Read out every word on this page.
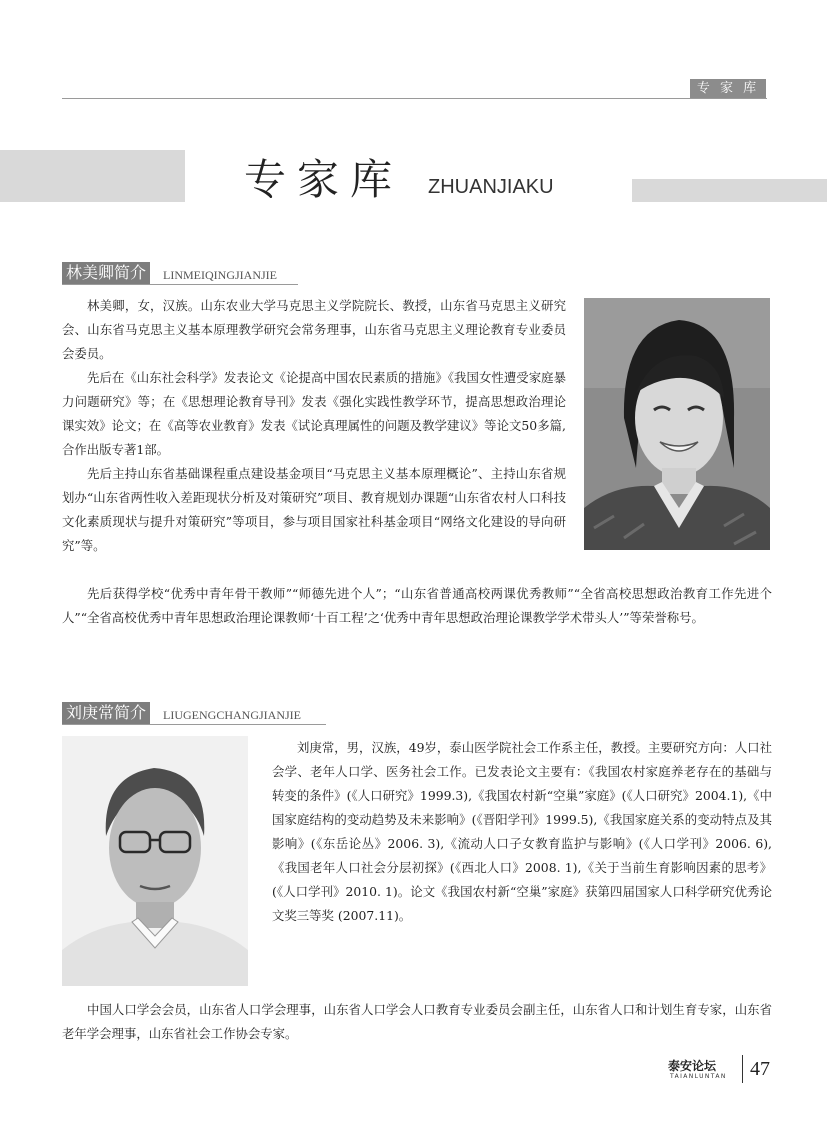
专 家 库
专家库 ZHUANJIAKU
林美卿简介	LINMEIQINGJIANJIE

林美卿，女，汉族。山东农业大学马克思主义学院院长、教授，山东省马克思主义研究会、山东省马克思主义基本原理教学研究会常务理事，山东省马克思主义理论教育专业委员会委员。

先后在《山东社会科学》发表论文《论提高中国农民素质的措施》《我国女性遭受家庭暴力问题研究》等；在《思想理论教育导刊》发表《强化实践性教学环节，提高思想政治理论课实效》论文；在《高等农业教育》发表《试论真理属性的问题及教学建议》等论文50多篇,合作出版专著1部。

先后主持山东省基础课程重点建设基金项目“马克思主义基本原理概论”、主持山东省规划办“山东省两性收入差距现状分析及对策研究”项目、教育规划办课题“山东省农村人口科技文化素质现状与提升对策研究”等项目，参与项目国家社科基金项目“网络文化建设的导向研究”等。

先后获得学校“优秀中青年骨干教师”“师德先进个人”；“山东省普通高校两课优秀教师”“全省高校思想政治教育工作先进个人”“全省高校优秀中青年思想政治理论课教师‘十百工程’之‘优秀中青年思想政治理论课教学学术带头人’”等荣誉称号。

刘庚常简介	LIUGENGCHANGJIANJIE

刘庚常，男，汉族，49岁，泰山医学院社会工作系主任，教授。主要研究方向：人口社会学、老年人口学、医务社会工作。已发表论文主要有：《我国农村家庭养老存在的基础与转变的条件》(《人口研究》1999.3),《我国农村新“空巢”家庭》(《人口研究》2004.1),《中国家庭结构的变动趋势及未来影响》(《晋阳学刊》1999.5),《我国家庭关系的变动特点及其影响》(《东岳论丛》2006. 3),《流动人口子女教育监护与影响》(《人口学刊》2006. 6),《我国老年人口社会分层初探》(《西北人口》2008. 1),《关于当前生育影响因素的思考》(《人口学刊》2010. 1)。论文《我国农村新“空巢”家庭》获第四届国家人口科学研究优秀论文奖三等奖 (2007.11)。

中国人口学会会员，山东省人口学会理事，山东省人口学会人口教育专业委员会副主任，山东省人口和计划生育专家，山东省老年学会理事，山东省社会工作协会专家。

泰安论坛
TAIANLUNTAN 47
